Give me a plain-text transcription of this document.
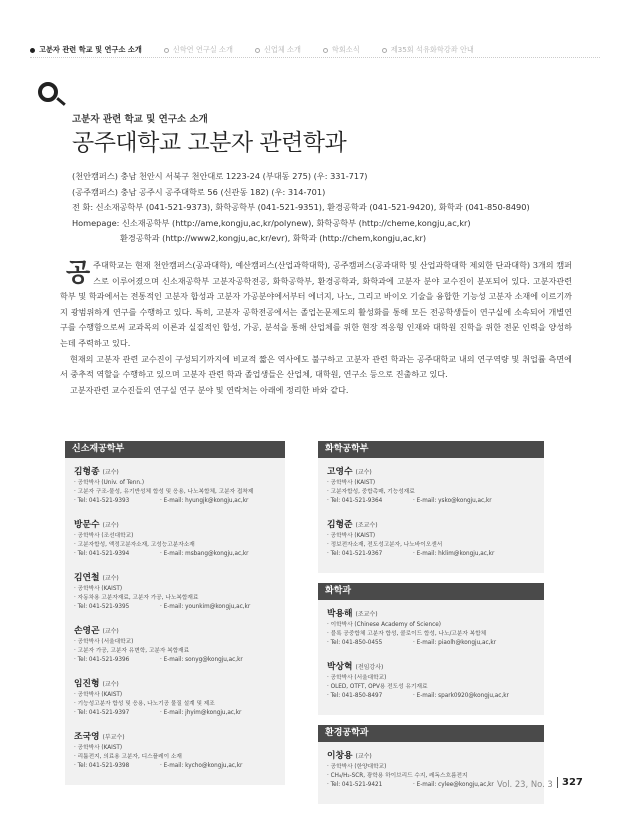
고분자 관련 학교 및 연구소 소개	신학연 연구실 소개	신업체 소개	학회소식	제35회 석유화학강좌 안내
고분자 관련 학교 및 연구소 소개
공주대학교 고분자 관련학과
(천안캠퍼스) 충남 천안시 서북구 천안대로 1223-24 (부대동 275) (우: 331-717)
(공주캠퍼스) 충남 공주시 공주대학로 56 (신관동 182) (우: 314-701)
전 화: 신소재공학부 (041-521-9373), 화학공학부 (041-521-9351), 환경공학과 (041-521-9420), 화학과 (041-850-8490)
Homepage: 신소재공학부 (http://ame,kongju,ac,kr/polynew), 화학공학부 (http://cheme,kongju,ac,kr)
환경공학과 (http://www2,kongju,ac,kr/evr), 화학과 (http://chem,kongju,ac,kr)

공주대학교는 현재 천안캠퍼스(공과대학), 예산캠퍼스(산업과학대학), 공주캠퍼스(공과대학 및 산업과학대학 제외한 단과대학) 3개의 캠퍼스로 이루어졌으며 신소재공학부 고분자공학전공, 화학공학부, 환경공학과, 화학과에 고분자 분야 교수진이 분포되어 있다. 고분자관련 학부 및 학과에서는 전통적인 고분자 합성과 고분자 가공분야에서부터 에너지, 나노, 그리고 바이오 기술을 융합한 기능성 고분자 소재에 이르기까지 광범위하게 연구를 수행하고 있다. 특히, 고분자 공학전공에서는 졸업논문제도의 활성화를 통해 모든 전공학생들이 연구실에 소속되어 개별연구를 수행함으로써 교과목의 이론과 실질적인 합성, 가공, 분석을 통해 산업체를 위한 현장 적응형 인재와 대학원 진학을 위한 전문 인력을 양성하는데 주력하고 있다.

현재의 고분자 관련 교수진이 구성되기까지에 비교적 짧은 역사에도 불구하고 고분자 관련 학과는 공주대학교 내의 연구역량 및 취업률 측면에서 중추적 역할을 수행하고 있으며 고분자 관련 학과 졸업생들은 산업체, 대학원, 연구소 등으로 진출하고 있다.

고분자관련 교수진들의 연구실 연구 분야 및 연락처는 아래에 정리한 바와 같다.

신소재공학부
김형종 (교수)
· 공학박사 (Univ. of Tenn.)
· 고분자 구조-물성, 유기반성체 합성 및 응용, 나노복합체, 고분자 접착제
· Tel: 041-521-9393	· E-mail: hyungjk@kongju,ac,kr
방문수 (교수)
· 공학박사 (조선대학교)
· 고분자합성, 액정고분자소재, 고성능고분자소재
· Tel: 041-521-9394	· E-mail: msbang@kongju,ac,kr
김연철 (교수)
· 공학박사 (KAIST)
· 자동차용 고분자재료, 고분자 가공, 나노복합재료
· Tel: 041-521-9395	· E-mail: younkim@kongju,ac,kr
손영곤 (교수)
· 공학박사 (서울대학교)
· 고분자 가공, 고분자 유변학, 고분자 복합재료
· Tel: 041-521-9396	· E-mail: sonyg@kongju,ac,kr
임진형 (교수)
· 공학박사 (KAIST)
· 기능성고분자 합성 및 응용, 나노기공 물질 설계 및 제조
· Tel: 041-521-9397	· E-mail: jhyim@kongju,ac,kr
조국영 (부교수)
· 공학박사 (KAIST)
· 리튬전지, 의료용 고분자, 디스플레이 소재
· Tel: 041-521-9398	· E-mail: kycho@kongju,ac,kr
화학공학부
고영수 (교수)
· 공학박사 (KAIST)
· 고분자합성, 중합촉매, 기능성재료
· Tel: 041-521-9364	· E-mail: ysko@kongju,ac,kr
김형준 (조교수)
· 공학박사 (KAIST)
· 정보전자소재, 전도성고분자, 나노바이오센서
· Tel: 041-521-9367	· E-mail: hklim@kongju,ac,kr
화학과
박용해 (조교수)
· 이학박사 (Chinese Academy of Science)
· 블록 공중합체 고분자 합성, 콜로이드 합성, 나노/고분자 복합체
· Tel: 041-850-0455	· E-mail: piaolh@kongju,ac,kr
박상혁 (전임강사)
· 공학박사 (서울대학교)
· OLED, OTFT, OPV용 전도성 유기재료
· Tel: 041-850-8497	· E-mail: spark0920@kongju,ac,kr
환경공학과
이창용 (교수)
· 공학박사 (한양대학교)
· CH₄/H₂-SCR, 광학용 하이브리드 수지, 레독스흐름전지
· Tel: 041-521-9421	· E-mail: cylee@kongju,ac,kr Vol. 23, No. 3 327
